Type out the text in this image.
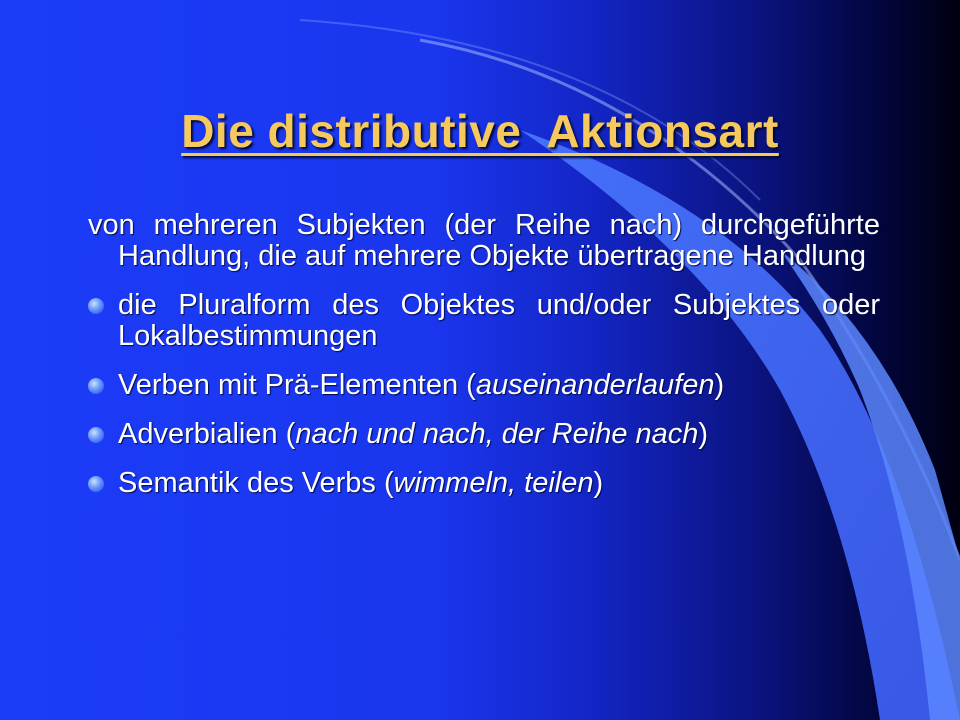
Die distributive  Aktionsart

von mehreren Subjekten (der Reihe nach) durchgeführte Handlung, die auf mehrere Objekte übertragene Handlung

die Pluralform des Objektes und/oder Subjektes oder Lokalbestimmungen
Verben mit Prä-Elementen (auseinanderlaufen)
Adverbialien (nach und nach, der Reihe nach)
Semantik des Verbs (wimmeln, teilen)
